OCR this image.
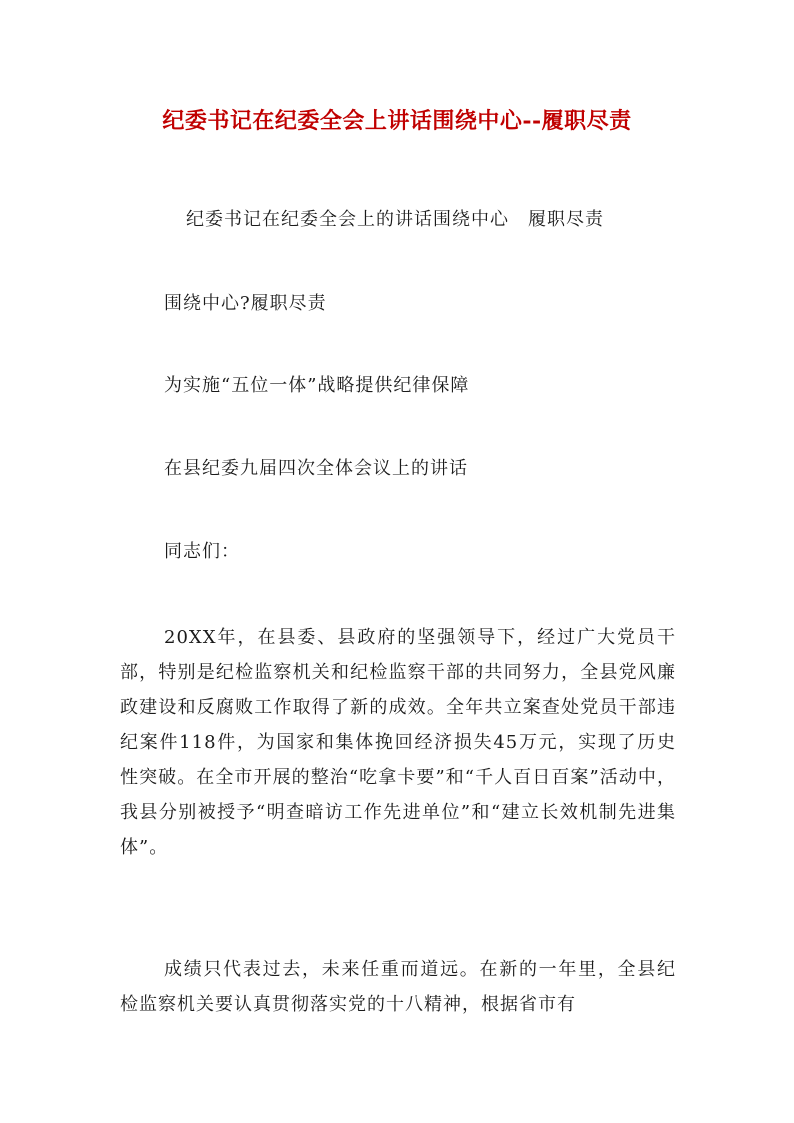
纪委书记在纪委全会上讲话围绕中心--履职尽责
纪委书记在纪委全会上的讲话围绕中心　履职尽责
围绕中心?履职尽责
为实施“五位一体”战略提供纪律保障
在县纪委九届四次全体会议上的讲话
同志们：
20XX年，在县委、县政府的坚强领导下，经过广大党员干部，特别是纪检监察机关和纪检监察干部的共同努力，全县党风廉政建设和反腐败工作取得了新的成效。全年共立案查处党员干部违纪案件118件，为国家和集体挽回经济损失45万元，实现了历史性突破。在全市开展的整治“吃拿卡要”和“千人百日百案”活动中，我县分别被授予“明查暗访工作先进单位”和“建立长效机制先进集体”。
成绩只代表过去，未来任重而道远。在新的一年里，全县纪检监察机关要认真贯彻落实党的十八精神，根据省市有
